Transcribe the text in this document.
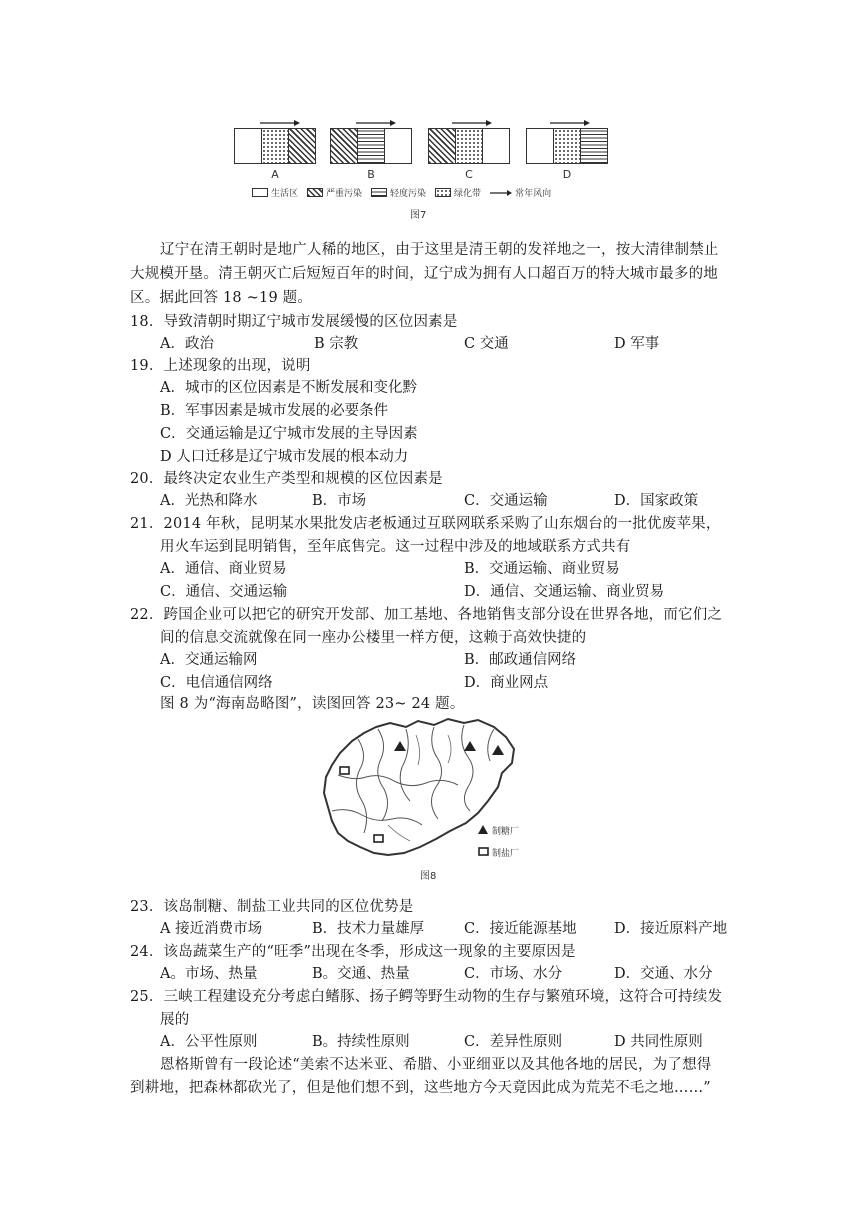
A	B	C	D
生活区	严重污染	轻度污染	绿化带	常年风向
图7
辽宁在清王朝时是地广人稀的地区，由于这里是清王朝的发祥地之一，按大清律制禁止
大规模开垦。清王朝灭亡后短短百年的时间，辽宁成为拥有人口超百万的特大城市最多的地
区。据此回答 18 ~19 题。
18．导致清朝时期辽宁城市发展缓慢的区位因素是
A．政治	B 宗教	C 交通	D 军事
19．上述现象的出现，说明
A．城市的区位因素是不断发展和变化黔
B．军事因素是城市发展的必要条件
C．交通运输是辽宁城市发展的主导因素
D 人口迁移是辽宁城市发展的根本动力
20．最终决定农业生产类型和规模的区位因素是
A．光热和降水	B．市场	C．交通运输	D．国家政策
21．2014 年秋，昆明某水果批发店老板通过互联网联系采购了山东烟台的一批优废苹果，
用火车运到昆明销售，至年底售完。这一过程中涉及的地域联系方式共有
A．通信、商业贸易	B．交通运输、商业贸易
C．通信、交通运输	D．通信、交通运输、商业贸易
22．跨国企业可以把它的研究开发部、加工基地、各地销售支部分设在世界各地，而它们之
间的信息交流就像在同一座办公楼里一样方便，这赖于高效快捷的
A．交通运输网	B．邮政通信网络
C．电信通信网络	D．商业网点
图 8 为“海南岛略图”，读图回答 23~ 24 题。
制糖厂
制盐厂
图8
23．该岛制糖、制盐工业共同的区位优势是
A 接近消费市场	B．技术力量雄厚	C．接近能源基地	D．接近原料产地
24．该岛蔬菜生产的“旺季”出现在冬季，形成这一现象的主要原因是
A。市场、热量	B。交通、热量	C．市场、水分	D．交通、水分
25．三峡工程建设充分考虑白鳍豚、扬子鳄等野生动物的生存与繁殖环境，这符合可持续发
展的
A．公平性原则	B。持续性原则	C．差异性原则	D 共同性原则
恩格斯曾有一段论述“美索不达米亚、希腊、小亚细亚以及其他各地的居民，为了想得
到耕地，把森林都砍光了，但是他们想不到，这些地方今天竟因此成为荒芜不毛之地……”
